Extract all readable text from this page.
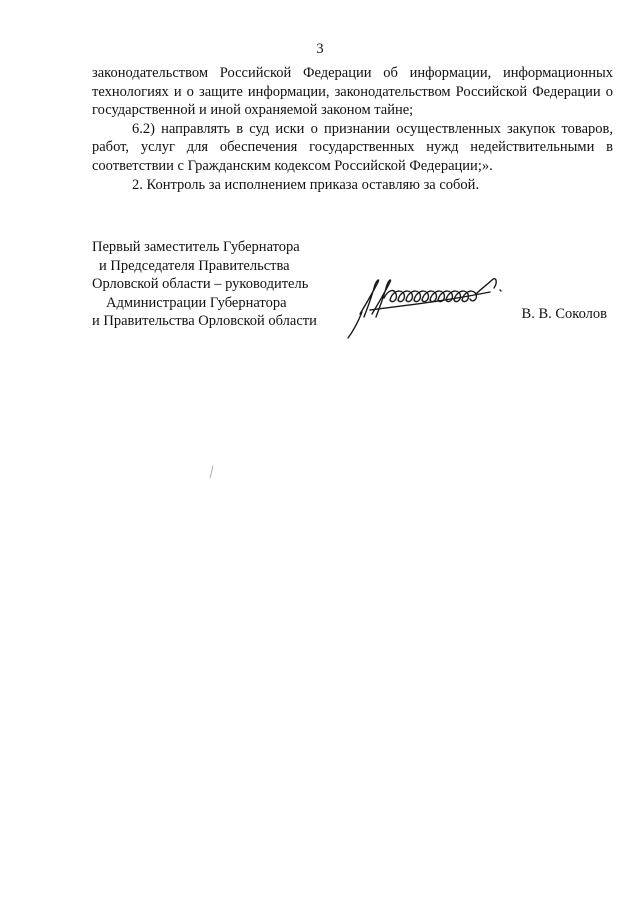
3

законодательством Российской Федерации об информации, информационных технологиях и о защите информации, законодательством Российской Федерации о государственной и иной охраняемой законом тайне;

6.2) направлять в суд иски о признании осуществленных закупок товаров, работ, услуг для обеспечения государственных нужд недействительными в соответствии с Гражданским кодексом Российской Федерации;».

2. Контроль за исполнением приказа оставляю за собой.

Первый заместитель Губернатора
и Председателя Правительства
Орловской области – руководитель
Администрации Губернатора
и Правительства Орловской области	В. В. Соколов
